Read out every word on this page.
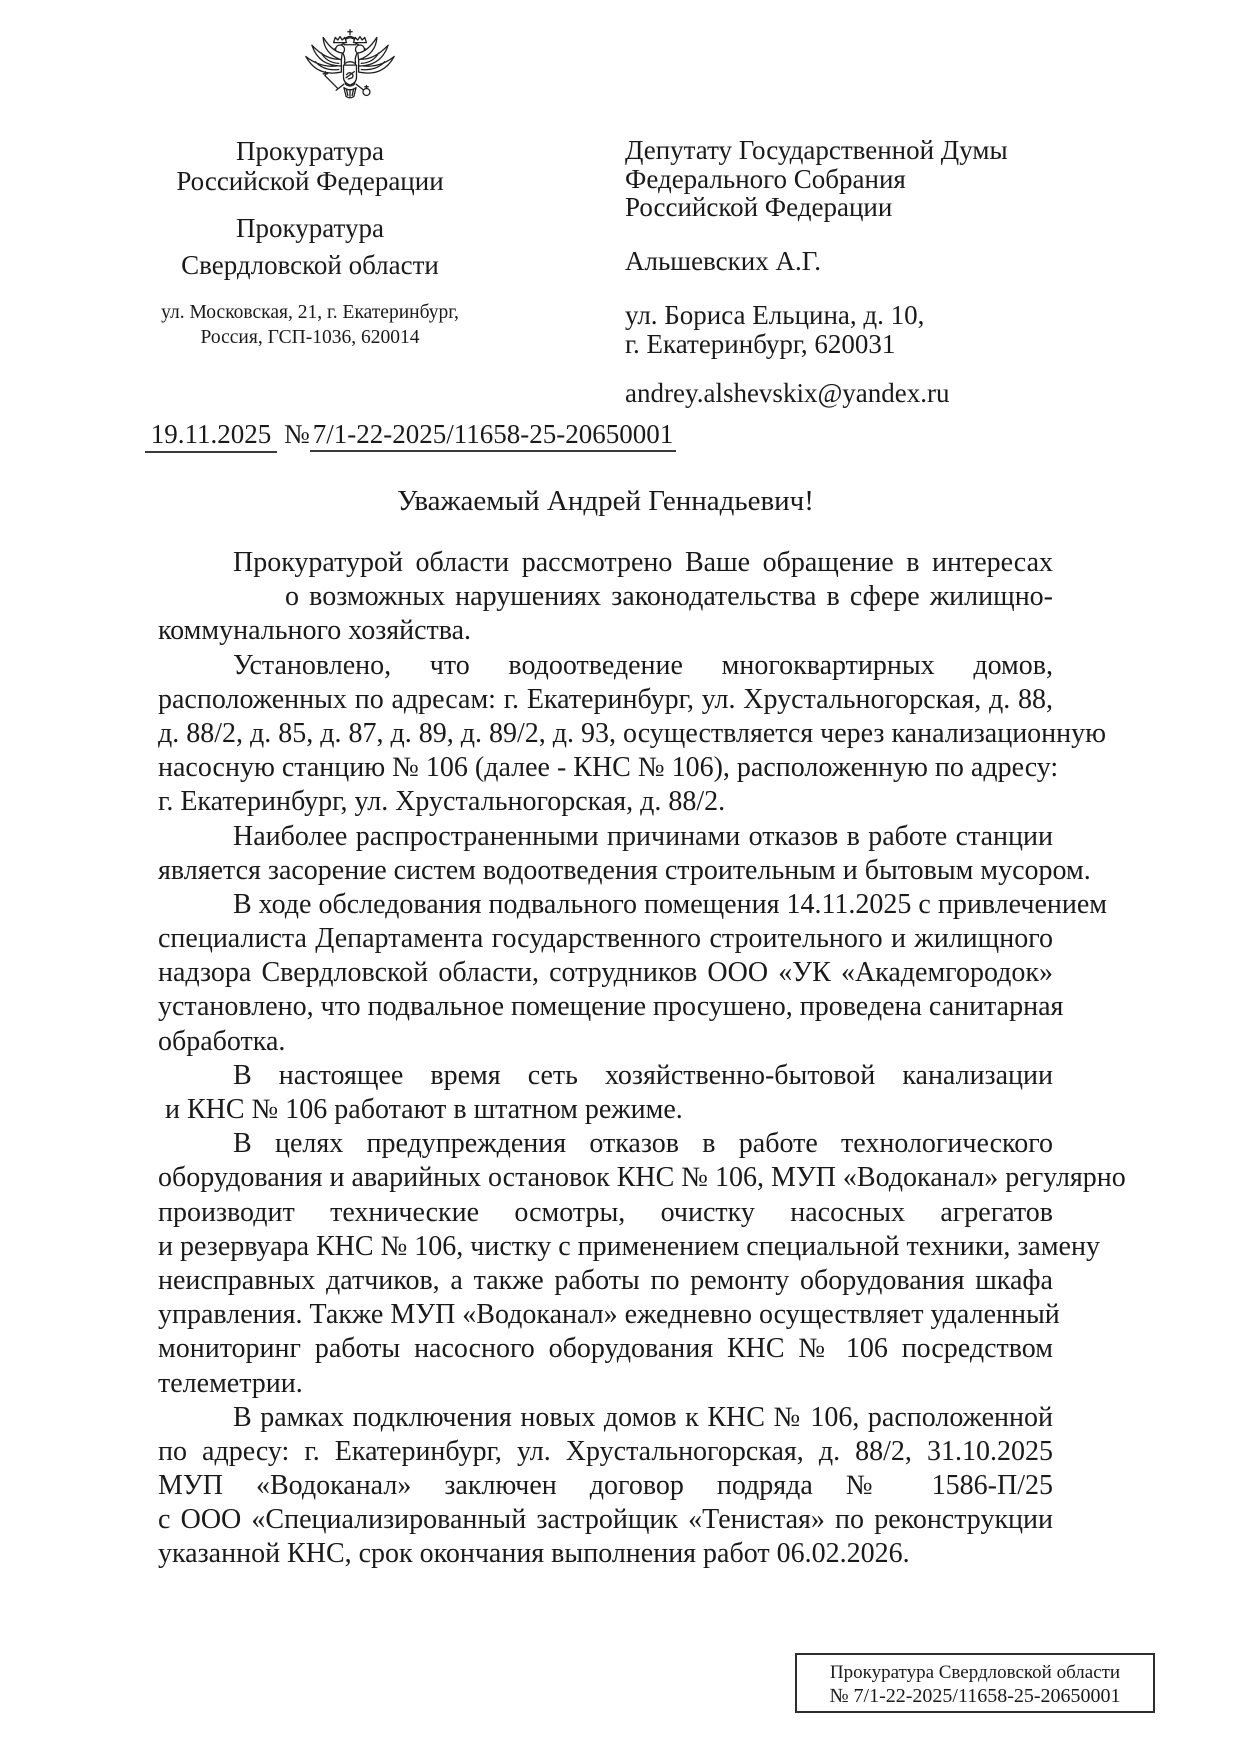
Прокуратура
Российской Федерации
Прокуратура
Свердловской области
ул. Московская, 21, г. Екатеринбург,
Россия, ГСП-1036, 620014
Депутату Государственной Думы
Федерального Собрания
Российской Федерации
Альшевских А.Г.
ул. Бориса Ельцина, д. 10,
г. Екатеринбург, 620031
andrey.alshevskix@yandex.ru
19.11.2025 № 7/1-22-2025/11658-25-20650001
Уважаемый Андрей Геннадьевич!
Прокуратурой области рассмотрено Ваше обращение в интересах
о возможных нарушениях законодательства в сфере жилищно-
коммунального хозяйства.
Установлено, что водоотведение многоквартирных домов,
расположенных по адресам: г. Екатеринбург, ул. Хрустальногорская, д. 88,
д. 88/2, д. 85, д. 87, д. 89, д. 89/2, д. 93, осуществляется через канализационную
насосную станцию № 106 (далее - КНС № 106), расположенную по адресу:
г. Екатеринбург, ул. Хрустальногорская, д. 88/2.
Наиболее распространенными причинами отказов в работе станции
является засорение систем водоотведения строительным и бытовым мусором.
В ходе обследования подвального помещения 14.11.2025 с привлечением
специалиста Департамента государственного строительного и жилищного
надзора Свердловской области, сотрудников ООО «УК «Академгородок»
установлено, что подвальное помещение просушено, проведена санитарная
обработка.
В настоящее время сеть хозяйственно-бытовой канализации
и КНС № 106 работают в штатном режиме.
В целях предупреждения отказов в работе технологического
оборудования и аварийных остановок КНС № 106, МУП «Водоканал» регулярно
производит технические осмотры, очистку насосных агрегатов
и резервуара КНС № 106, чистку с применением специальной техники, замену
неисправных датчиков, а также работы по ремонту оборудования шкафа
управления. Также МУП «Водоканал» ежедневно осуществляет удаленный
мониторинг работы насосного оборудования КНС № 106 посредством
телеметрии.
В рамках подключения новых домов к КНС № 106, расположенной
по адресу: г. Екатеринбург, ул. Хрустальногорская, д. 88/2, 31.10.2025
МУП «Водоканал» заключен договор подряда № 1586-П/25
с ООО «Специализированный застройщик «Тенистая» по реконструкции
указанной КНС, срок окончания выполнения работ 06.02.2026.
Прокуратура Свердловской области
№ 7/1-22-2025/11658-25-20650001
